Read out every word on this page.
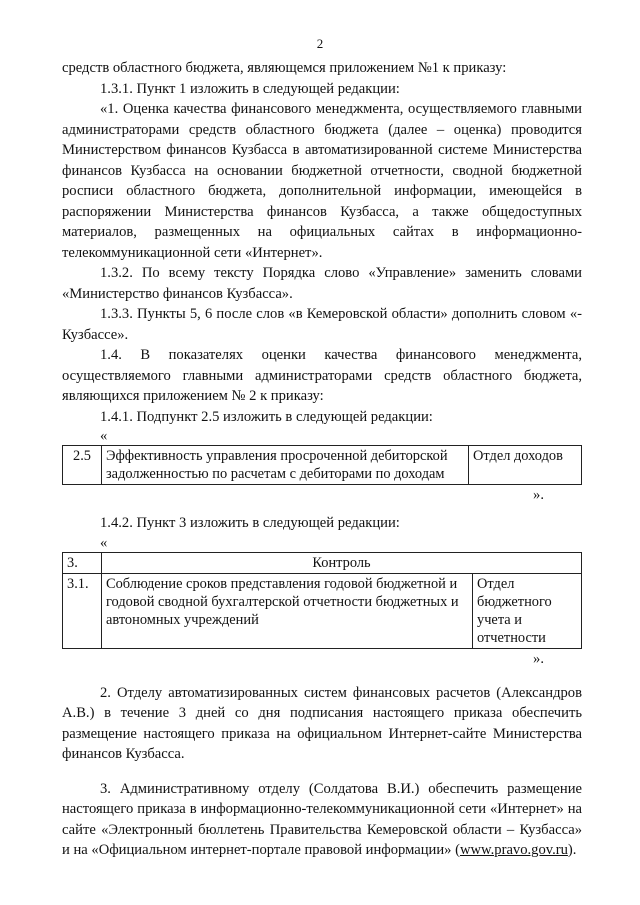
2

средств областного бюджета, являющемся приложением №1 к приказу:

1.3.1. Пункт 1 изложить в следующей редакции:

«1. Оценка качества финансового менеджмента, осуществляемого главными администраторами средств областного бюджета (далее – оценка) проводится Министерством финансов Кузбасса в автоматизированной системе Министерства финансов Кузбасса на основании бюджетной отчетности, сводной бюджетной росписи областного бюджета, дополнительной информации, имеющейся в распоряжении Министерства финансов Кузбасса, а также общедоступных материалов, размещенных на официальных сайтах в информационно-телекоммуникационной сети «Интернет».

1.3.2. По всему тексту Порядка слово «Управление» заменить словами «Министерство финансов Кузбасса».

1.3.3. Пункты 5, 6 после слов «в Кемеровской области» дополнить словом «-Кузбассе».

1.4. В показателях оценки качества финансового менеджмента, осуществляемого главными администраторами средств областного бюджета, являющихся приложением № 2 к приказу:

1.4.1. Подпункт 2.5 изложить в следующей редакции:

«
2.5	Эффективность управления просроченной дебиторской задолженностью по расчетам с дебиторами по доходам	Отдел доходов
».

1.4.2. Пункт 3 изложить в следующей редакции:

«
3.	Контроль	
3.1.	Соблюдение сроков представления годовой бюджетной и годовой сводной бухгалтерской отчетности бюджетных и автономных учреждений	Отдел бюджетного учета и отчетности
».

2. Отделу автоматизированных систем финансовых расчетов (Александров А.В.) в течение 3 дней со дня подписания настоящего приказа обеспечить размещение настоящего приказа на официальном Интернет-сайте Министерства финансов Кузбасса.

3. Административному отделу (Солдатова В.И.) обеспечить размещение настоящего приказа в информационно-телекоммуникационной сети «Интернет» на сайте «Электронный бюллетень Правительства Кемеровской области – Кузбасса» и на «Официальном интернет-портале правовой информации» (www.pravo.gov.ru).
